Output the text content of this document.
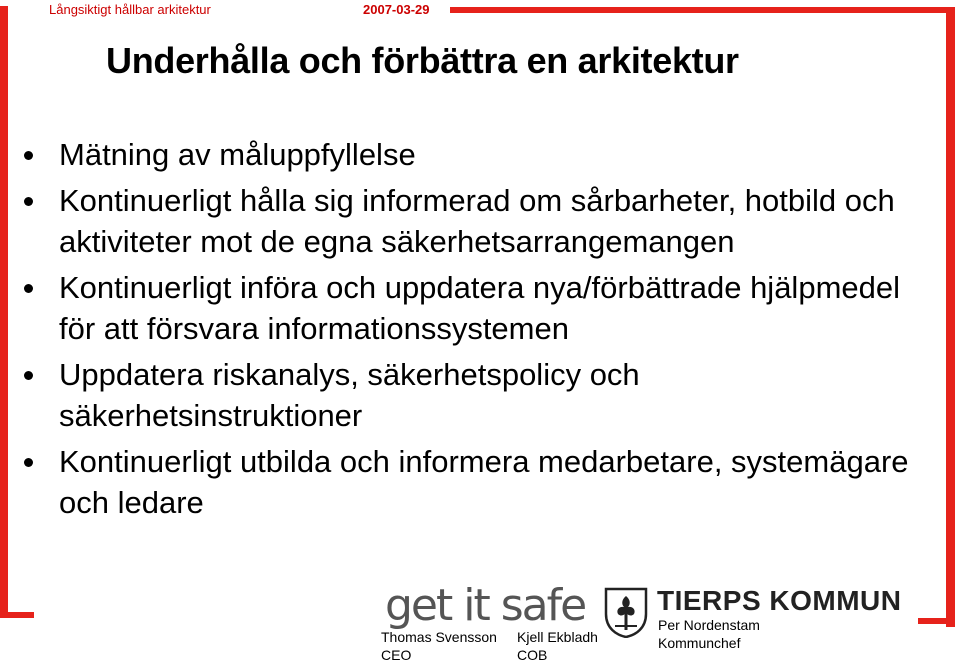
Långsiktigt hållbar arkitektur	2007-03-29
Underhålla och förbättra en arkitektur
Mätning av måluppfyllelse
Kontinuerligt hålla sig informerad om sårbarheter, hotbild och aktiviteter mot de egna säkerhetsarrangemangen
Kontinuerligt införa och uppdatera nya/förbättrade hjälpmedel för att försvara informationssystemen
Uppdatera riskanalys, säkerhetspolicy och säkerhetsinstruktioner
Kontinuerligt utbilda och informera medarbetare, systemägare och ledare
get it safe	TIERPS KOMMUN
Thomas Svensson
CEO
Kjell Ekbladh
COB
Per Nordenstam
Kommunchef
